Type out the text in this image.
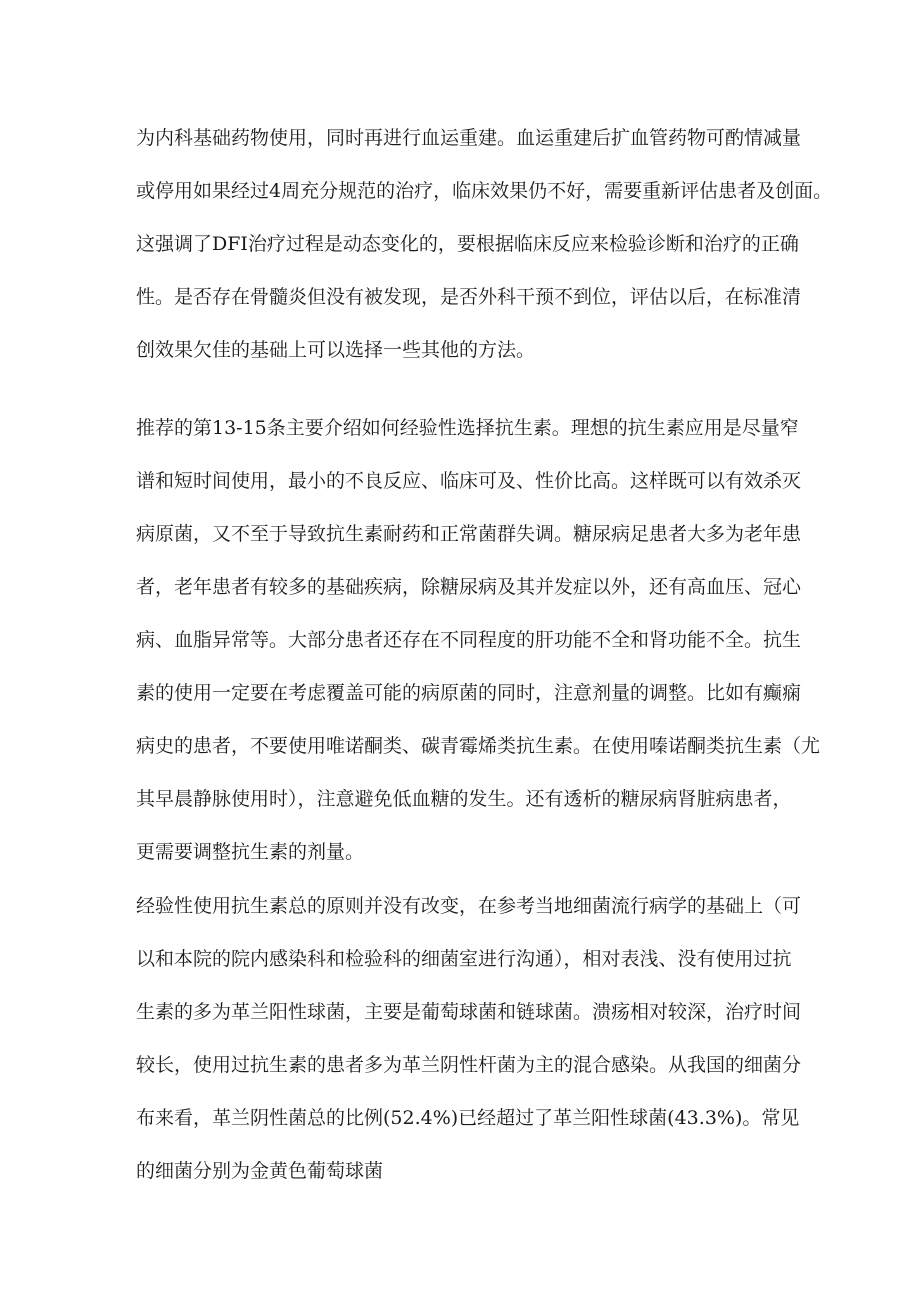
为内科基础药物使用，同时再进行血运重建。血运重建后扩血管药物可酌情减量
或停用如果经过4周充分规范的治疗，临床效果仍不好，需要重新评估患者及创面。
这强调了DFI治疗过程是动态变化的，要根据临床反应来检验诊断和治疗的正确
性。是否存在骨髓炎但没有被发现，是否外科干预不到位，评估以后，在标准清
创效果欠佳的基础上可以选择一些其他的方法。
推荐的第13-15条主要介绍如何经验性选择抗生素。理想的抗生素应用是尽量窄
谱和短时间使用，最小的不良反应、临床可及、性价比高。这样既可以有效杀灭
病原菌，又不至于导致抗生素耐药和正常菌群失调。糖尿病足患者大多为老年患
者，老年患者有较多的基础疾病，除糖尿病及其并发症以外，还有高血压、冠心
病、血脂异常等。大部分患者还存在不同程度的肝功能不全和肾功能不全。抗生
素的使用一定要在考虑覆盖可能的病原菌的同时，注意剂量的调整。比如有癫痫
病史的患者，不要使用唯诺酮类、碳青霉烯类抗生素。在使用嗪诺酮类抗生素（尤
其早晨静脉使用时），注意避免低血糖的发生。还有透析的糖尿病肾脏病患者，
更需要调整抗生素的剂量。
经验性使用抗生素总的原则并没有改变，在参考当地细菌流行病学的基础上（可
以和本院的院内感染科和检验科的细菌室进行沟通），相对表浅、没有使用过抗
生素的多为革兰阳性球菌，主要是葡萄球菌和链球菌。溃疡相对较深，治疗时间
较长，使用过抗生素的患者多为革兰阴性杆菌为主的混合感染。从我国的细菌分
布来看，革兰阴性菌总的比例(52.4%)已经超过了革兰阳性球菌(43.3%)。常见
的细菌分别为金黄色葡萄球菌
